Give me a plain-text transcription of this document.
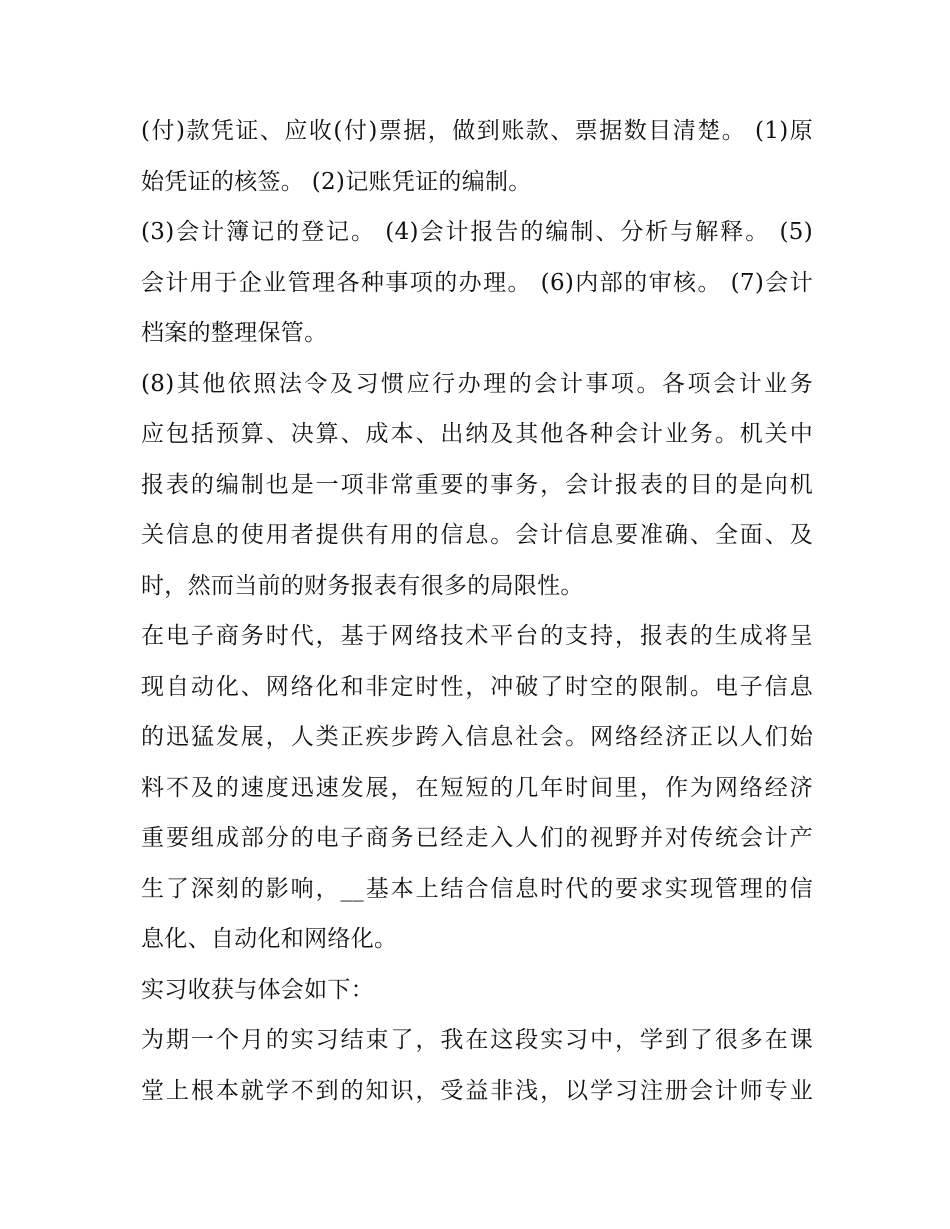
(付)款凭证、应收(付)票据，做到账款、票据数目清楚。 (1)原
始凭证的核签。 (2)记账凭证的编制。
(3)会计簿记的登记。 (4)会计报告的编制、分析与解释。 (5)
会计用于企业管理各种事项的办理。 (6)内部的审核。 (7)会计
档案的整理保管。
(8)其他依照法令及习惯应行办理的会计事项。各项会计业务
应包括预算、决算、成本、出纳及其他各种会计业务。机关中
报表的编制也是一项非常重要的事务，会计报表的目的是向机
关信息的使用者提供有用的信息。会计信息要准确、全面、及
时，然而当前的财务报表有很多的局限性。
在电子商务时代，基于网络技术平台的支持，报表的生成将呈
现自动化、网络化和非定时性，冲破了时空的限制。电子信息
的迅猛发展，人类正疾步跨入信息社会。网络经济正以人们始
料不及的速度迅速发展，在短短的几年时间里，作为网络经济
重要组成部分的电子商务已经走入人们的视野并对传统会计产
生了深刻的影响，__基本上结合信息时代的要求实现管理的信
息化、自动化和网络化。
实习收获与体会如下：
为期一个月的实习结束了，我在这段实习中，学到了很多在课
堂上根本就学不到的知识，受益非浅，以学习注册会计师专业
